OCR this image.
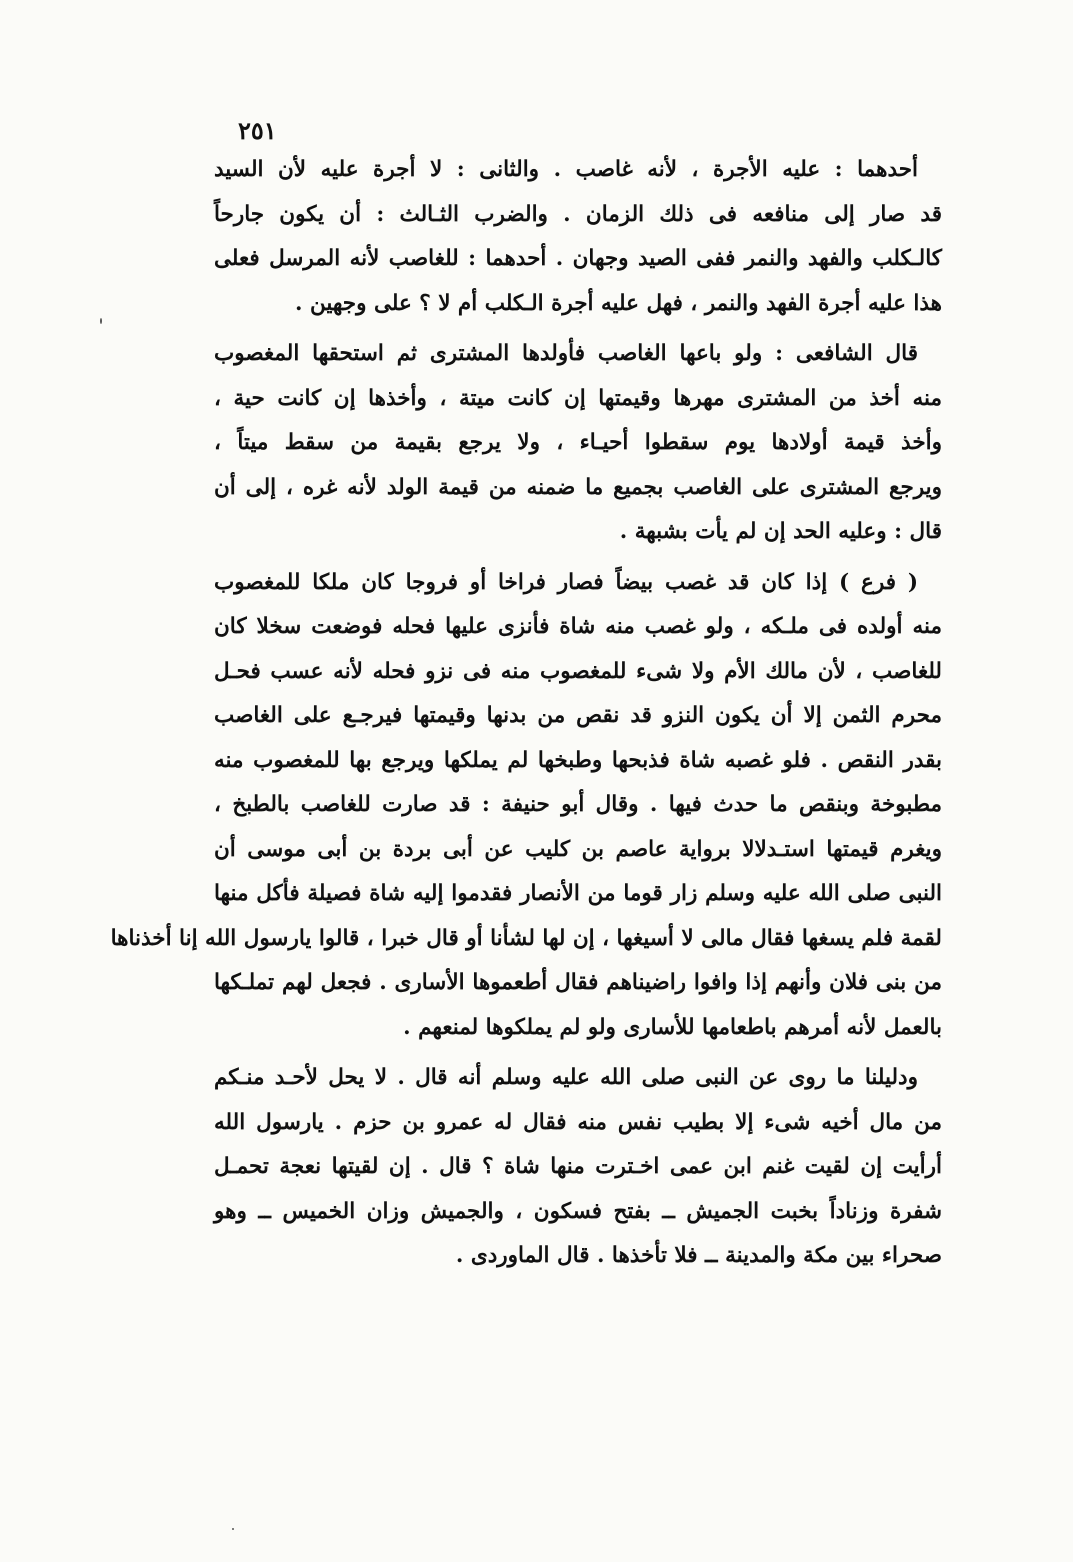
٢٥١
أحدهما : عليه الأجرة ، لأنه غاصب . والثانى : لا أجرة عليه لأن السيد
قد صار إلى منافعه فى ذلك الزمان . والضرب الثـالث : أن يكون جارحاً
كالـكلب والفهد والنمر ففى الصيد وجهان . أحدهما : للغاصب لأنه المرسل فعلى
هذا عليه أجرة الفهد والنمر ، فهل عليه أجرة الـكلب أم لا ؟ على وجهين .
قال الشافعى : ولو باعها الغاصب فأولدها المشترى ثم استحقها المغصوب
منه أخذ من المشترى مهرها وقيمتها إن كانت ميتة ، وأخذها إن كانت حية ،
وأخذ قيمة أولادها يوم سقطوا أحيـاء ، ولا يرجع بقيمة من سقط ميتاً ،
ويرجع المشترى على الغاصب بجميع ما ضمنه من قيمة الولد لأنه غره ، إلى أن
قال : وعليه الحد إن لم يأت بشبهة .
( فرع ) إذا كان قد غصب بيضاً فصار فراخا أو فروجا كان ملكا للمغصوب
منه أولده فى ملـكه ، ولو غصب منه شاة فأنزى عليها فحله فوضعت سخلا كان
للغاصب ، لأن مالك الأم ولا شىء للمغصوب منه فى نزو فحله لأنه عسب فحـل
محرم الثمن إلا أن يكون النزو قد نقص من بدنها وقيمتها فيرجـع على الغاصب
بقدر النقص . فلو غصبه شاة فذبحها وطبخها لم يملكها ويرجع بها للمغصوب منه
مطبوخة وبنقص ما حدث فيها . وقال أبو حنيفة : قد صارت للغاصب بالطبخ ،
ويغرم قيمتها استـدلالا برواية عاصم بن كليب عن أبى بردة بن أبى موسى أن
النبى صلى الله عليه وسلم زار قوما من الأنصار فقدموا إليه شاة فصيلة فأكل منها
لقمة فلم يسغها فقال مالى لا أسيغها ، إن لها لشأنا أو قال خبرا ، قالوا يارسول الله إنا أخذناها
من بنى فلان وأنهم إذا وافوا راضيناهم فقال أطعموها الأسارى . فجعل لهم تملـكها
بالعمل لأنه أمرهم باطعامها للأسارى ولو لم يملكوها لمنعهم .
ودليلنا ما روى عن النبى صلى الله عليه وسلم أنه قال . لا يحل لأحـد منـكم
من مال أخيه شىء إلا بطيب نفس منه فقال له عمرو بن حزم . يارسول الله
أرأيت إن لقيت غنم ابن عمى اخـترت منها شاة ؟ قال . إن لقيتها نعجة تحمـل
شفرة وزناداً بخبت الجميش ــ بفتح فسكون ، والجميش وزان الخميس ــ وهو
صحراء بين مكة والمدينة ــ فلا تأخذها . قال الماوردى .
